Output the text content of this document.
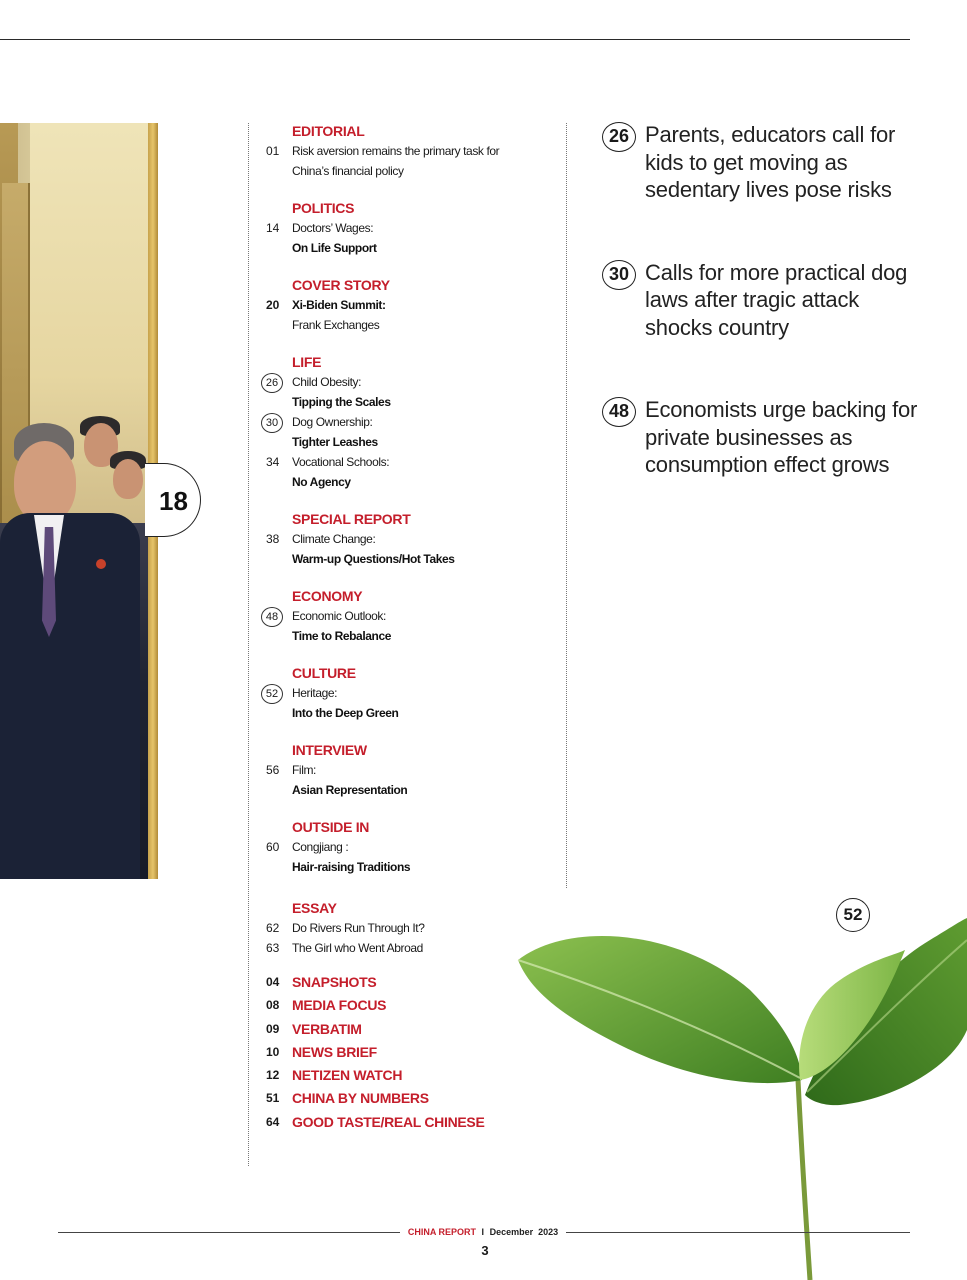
18
EDITORIAL
01	Risk aversion remains the primary task for
China’s financial policy
POLITICS
14	Doctors’ Wages:
On Life Support
COVER STORY
20	Xi-Biden Summit:
Frank Exchanges
LIFE
26	Child Obesity:
Tipping the Scales
30	Dog Ownership:
Tighter Leashes
34	Vocational Schools:
No Agency
SPECIAL REPORT
38	Climate Change:
Warm-up Questions/Hot Takes
ECONOMY
48	Economic Outlook:
Time to Rebalance
CULTURE
52	Heritage:
Into the Deep Green
INTERVIEW
56	Film:
Asian Representation
OUTSIDE IN
60	Congjiang :
Hair-raising Traditions
ESSAY
62	Do Rivers Run Through It?
63	The Girl who Went Abroad
04 SNAPSHOTS
08 MEDIA FOCUS
09 VERBATIM
10 NEWS BRIEF
12 NETIZEN WATCH
51 CHINA BY NUMBERS
64 GOOD TASTE/REAL CHINESE
26 Parents, educators call for kids to get moving as sedentary lives pose risks
30 Calls for more practical dog laws after tragic attack shocks country
48 Economists urge backing for private businesses as consumption effect grows
52
CHINA REPORT I December  2023
3
